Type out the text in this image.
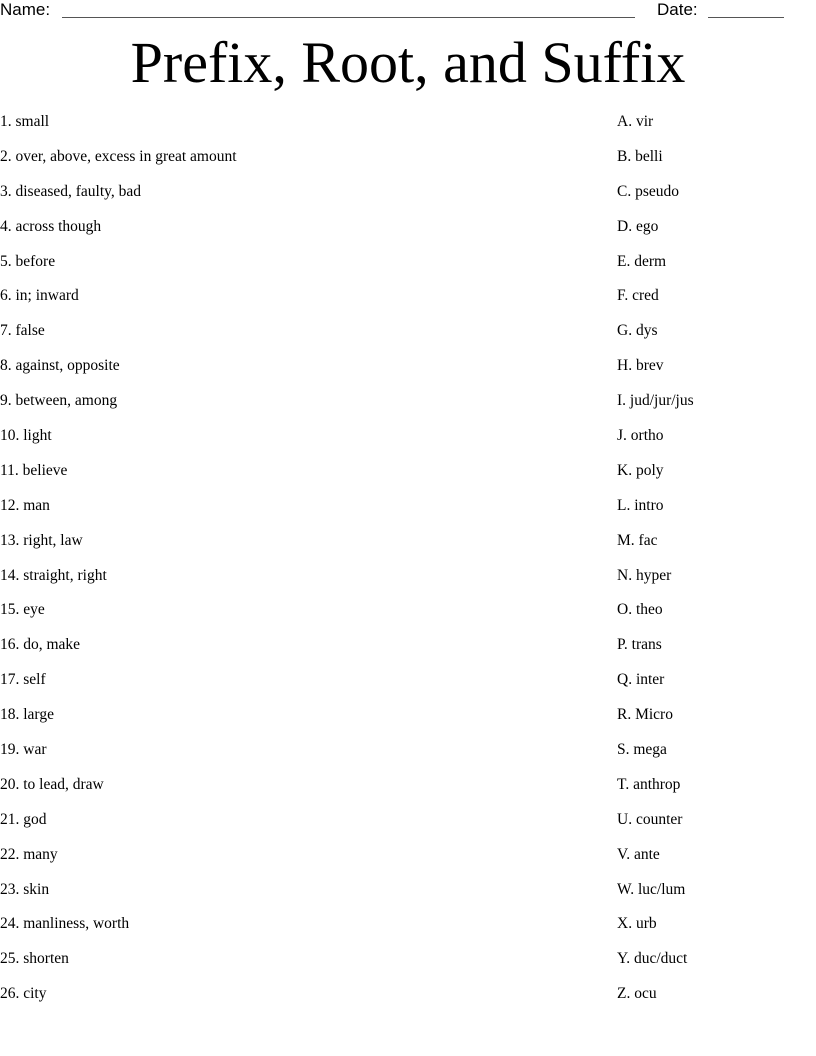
Name:	Date:
Prefix, Root, and Suffix
1. small
2. over, above, excess in great amount
3. diseased, faulty, bad
4. across though
5. before
6. in; inward
7. false
8. against, opposite
9. between, among
10. light
11. believe
12. man
13. right, law
14. straight, right
15. eye
16. do, make
17. self
18. large
19. war
20. to lead, draw
21. god
22. many
23. skin
24. manliness, worth
25. shorten
26. city
A. vir
B. belli
C. pseudo
D. ego
E. derm
F. cred
G. dys
H. brev
I. jud/jur/jus
J. ortho
K. poly
L. intro
M. fac
N. hyper
O. theo
P. trans
Q. inter
R. Micro
S. mega
T. anthrop
U. counter
V. ante
W. luc/lum
X. urb
Y. duc/duct
Z. ocu
